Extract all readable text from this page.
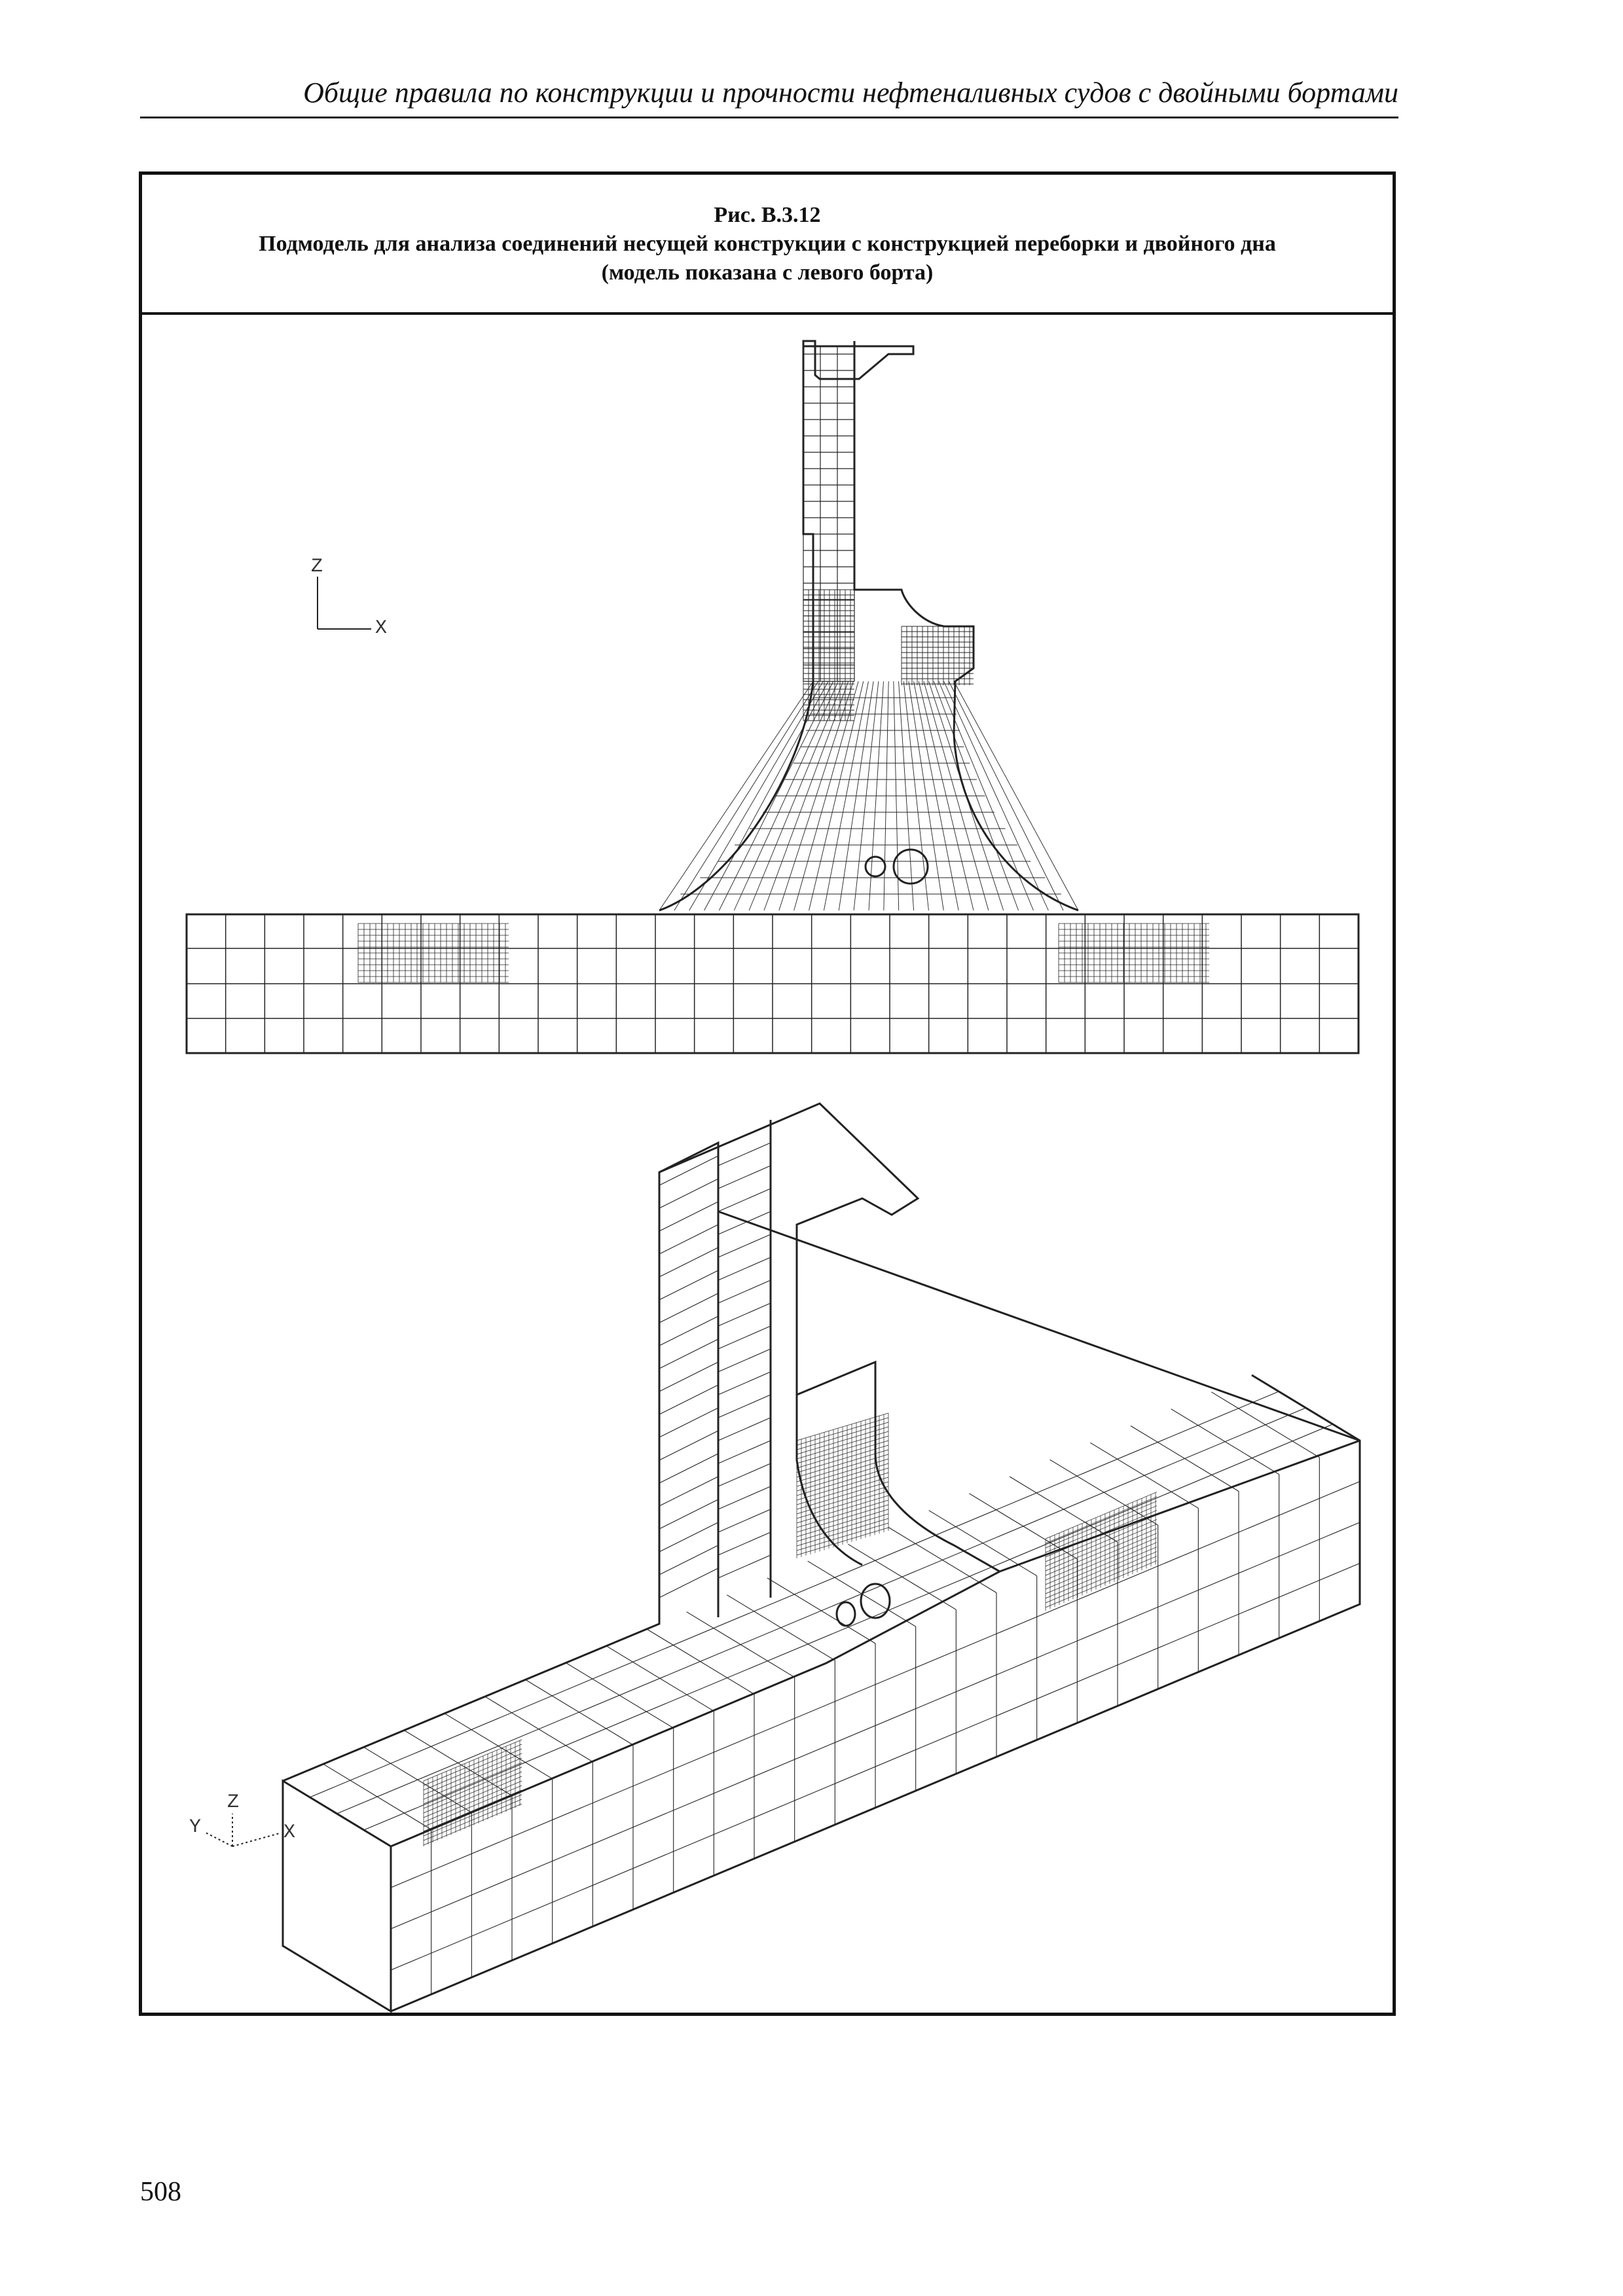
Общие правила по конструкции и прочности нефтеналивных судов с двойными бортами
Рис. В.3.12
Подмодель для анализа соединений несущей конструкции с конструкцией переборки и двойного дна
(модель показана с левого борта)
Z
X
Z
Y	X
508
